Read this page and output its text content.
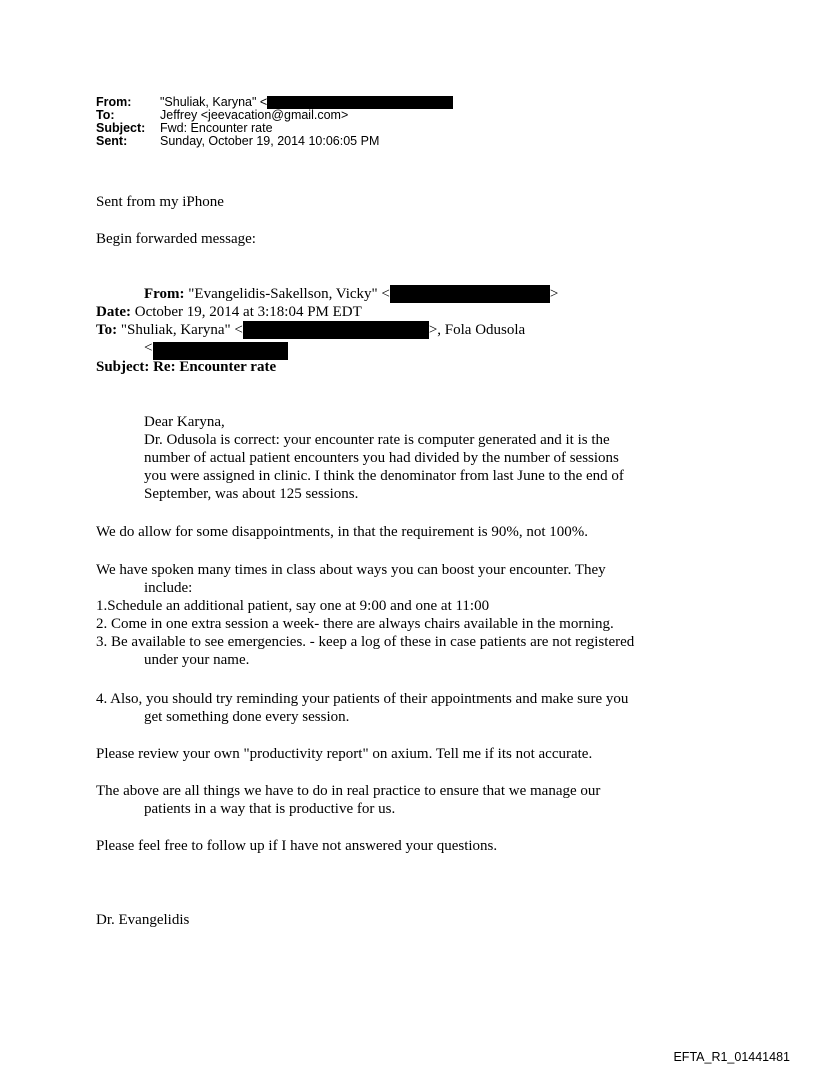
From:	"Shuliak, Karyna" <
To:	Jeffrey <jeevacation@gmail.com>
Subject:	Fwd: Encounter rate
Sent:	Sunday, October 19, 2014 10:06:05 PM
Sent from my iPhone
Begin forwarded message:
From: "Evangelidis-Sakellson, Vicky" <	>
Date: October 19, 2014 at 3:18:04 PM EDT
To: "Shuliak, Karyna" <	>, Fola Odusola
<
Subject: Re: Encounter rate
Dear Karyna,
Dr. Odusola is correct: your encounter rate is computer generated and it is the
number of actual patient encounters you had divided by the number of sessions
you were assigned in clinic. I think the denominator from last June to the end of
September, was about 125 sessions.
We do allow for some disappointments, in that the requirement is 90%, not 100%.
We have spoken many times in class about ways you can boost your encounter. They
include:
1.Schedule an additional patient, say one at 9:00 and one at 11:00
2. Come in one extra session a week- there are always chairs available in the morning.
3. Be available to see emergencies. - keep a log of these in case patients are not registered
under your name.
4. Also, you should try reminding your patients of their appointments and make sure you
get something done every session.
Please review your own "productivity report" on axium. Tell me if its not accurate.
The above are all things we have to do in real practice to ensure that we manage our
patients in a way that is productive for us.
Please feel free to follow up if I have not answered your questions.
Dr. Evangelidis
EFTA_R1_01441481
